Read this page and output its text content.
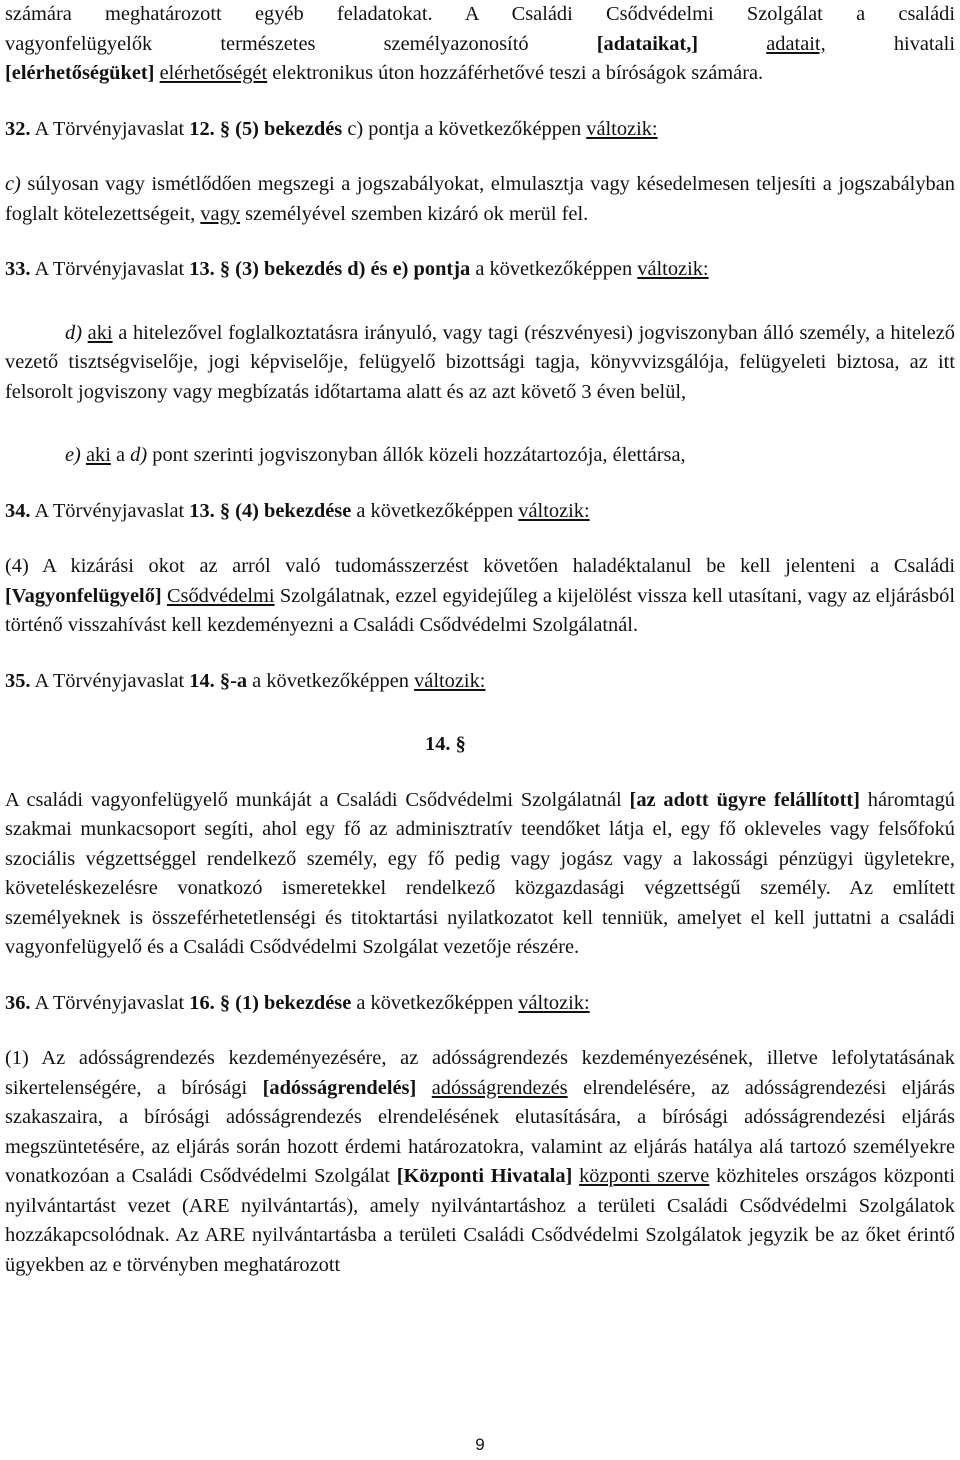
számára meghatározott egyéb feladatokat. A Családi Csődvédelmi Szolgálat a családi
vagyonfelügyelők természetes személyazonosító	[adataikat,]	adatait,	hivatali
[elérhetőségüket] elérhetőségét elektronikus úton hozzáférhetővé teszi a bíróságok számára.

32. A Törvényjavaslat 12. § (5) bekezdés c) pontja a következőképpen változik:

c) súlyosan vagy ismétlődően megszegi a jogszabályokat, elmulasztja vagy késedelmesen teljesíti a jogszabályban foglalt kötelezettségeit, vagy személyével szemben kizáró ok merül fel.

33. A Törvényjavaslat 13. § (3) bekezdés d) és e) pontja a következőképpen változik:

d) aki a hitelezővel foglalkoztatásra irányuló, vagy tagi (részvényesi) jogviszonyban álló személy, a hitelező vezető tisztségviselője, jogi képviselője, felügyelő bizottsági tagja, könyvvizsgálója, felügyeleti biztosa, az itt felsorolt jogviszony vagy megbízatás időtartama alatt és az azt követő 3 éven belül,

e) aki a d) pont szerinti jogviszonyban állók közeli hozzátartozója, élettársa,

34. A Törvényjavaslat 13. § (4) bekezdése a következőképpen változik:

(4) A kizárási okot az arról való tudomásszerzést követően haladéktalanul be kell jelenteni a Családi [Vagyonfelügyelő] Csődvédelmi Szolgálatnak, ezzel egyidejűleg a kijelölést vissza kell utasítani, vagy az eljárásból történő visszahívást kell kezdeményezni a Családi Csődvédelmi Szolgálatnál.

35. A Törvényjavaslat 14. §-a a következőképpen változik:

14. §

A családi vagyonfelügyelő munkáját a Családi Csődvédelmi Szolgálatnál [az adott ügyre felállított] háromtagú szakmai munkacsoport segíti, ahol egy fő az adminisztratív teendőket látja el, egy fő okleveles vagy felsőfokú szociális végzettséggel rendelkező személy, egy fő pedig vagy jogász vagy a lakossági pénzügyi ügyletekre, követeléskezelésre vonatkozó ismeretekkel rendelkező közgazdasági végzettségű személy. Az említett személyeknek is összeférhetetlenségi és titoktartási nyilatkozatot kell tenniük, amelyet el kell juttatni a családi vagyonfelügyelő és a Családi Csődvédelmi Szolgálat vezetője részére.

36. A Törvényjavaslat 16. § (1) bekezdése a következőképpen változik:

(1) Az adósságrendezés kezdeményezésére, az adósságrendezés kezdeményezésének, illetve lefolytatásának sikertelenségére, a bírósági [adósságrendelés] adósságrendezés elrendelésére, az adósságrendezési eljárás szakaszaira, a bírósági adósságrendezés elrendelésének elutasítására, a bírósági adósságrendezési eljárás megszüntetésére, az eljárás során hozott érdemi határozatokra, valamint az eljárás hatálya alá tartozó személyekre vonatkozóan a Családi Csődvédelmi Szolgálat [Központi Hivatala] központi szerve közhiteles országos központi nyilvántartást vezet (ARE nyilvántartás), amely nyilvántartáshoz a területi Családi Csődvédelmi Szolgálatok hozzákapcsolódnak. Az ARE nyilvántartásba a területi Családi Csődvédelmi Szolgálatok jegyzik be az őket érintő ügyekben az e törvényben meghatározott

9
